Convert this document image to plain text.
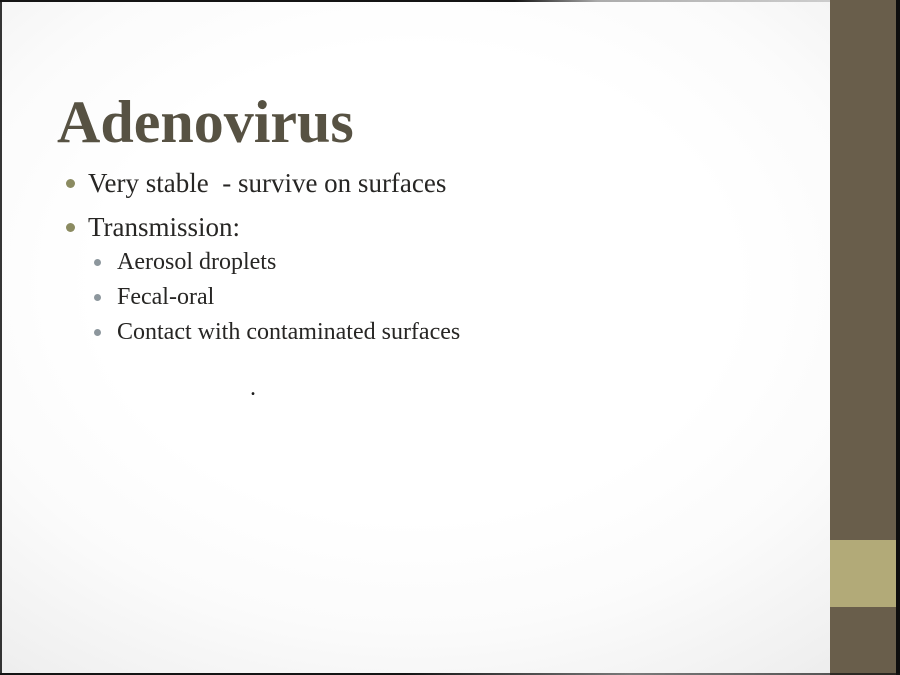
Adenovirus
Very stable  - survive on surfaces
Transmission:
Aerosol droplets
Fecal-oral
Contact with contaminated surfaces
.
